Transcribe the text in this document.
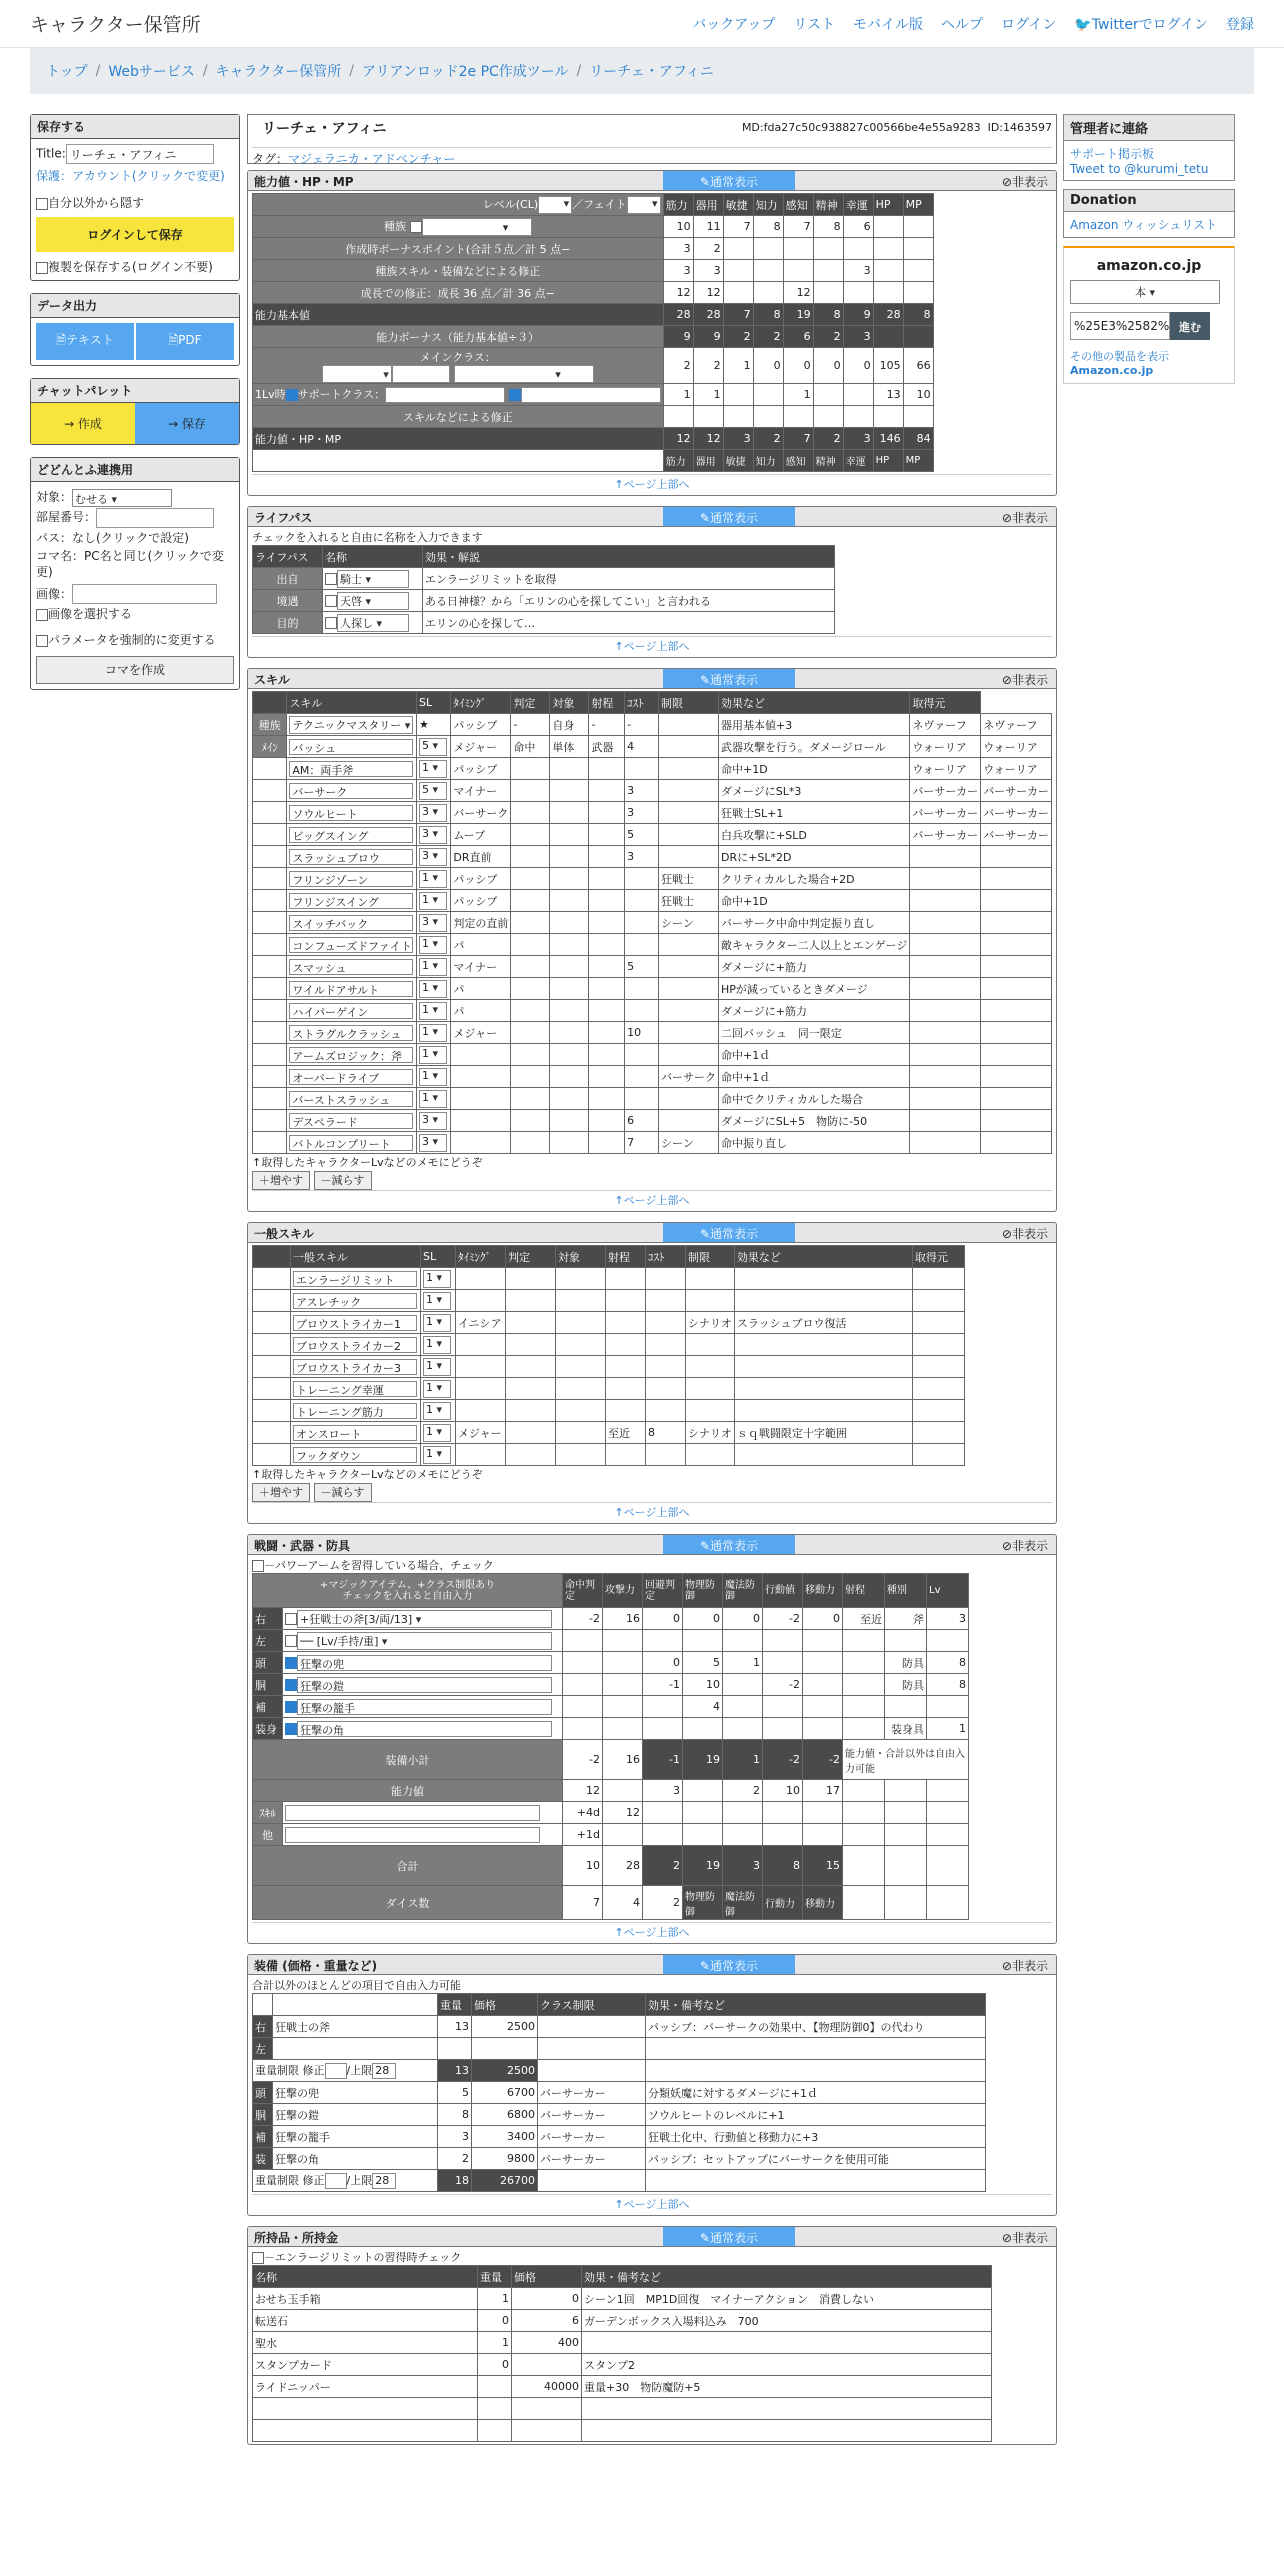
キャラクター保管所	バックアップ リスト モバイル版 ヘルプ ログイン 🐦Twitterでログイン 登録
トップ / Webサービス / キャラクター保管所 / アリアンロッド2e PC作成ツール / リーチェ・アフィニ
保存する
Title: リーチェ・アフィニ
保護：アカウント(クリックで変更)
自分以外から隠す
ログインして保存
複製を保存する(ログイン不要)
データ出力
🗎テキスト	🗎PDF
チャットパレット
→ 作成	→ 保存
どどんとふ連携用
対象： むせる ▾
部屋番号：
パス：なし(クリックで設定)
コマ名：PC名と同じ(クリックで変更)
画像：
画像を選択する
パラメータを強制的に変更する
コマを作成
リーチェ・アフィニ	MD:fda27c50c938827c00566be4e55a9283 ID:1463597
タグ：マジェラニカ・アドベンチャー
能力値・HP・MP	✎通常表示	⊘非表示
レベル(CL) 13 ▾ ／フェイト 5 ▾	筋力	器用	敏捷	知力	感知	精神	幸運	HP	MP
種族 ネヴァーフ ▾	10	11	7	8	7	8	6		
作成時ボーナスポイント(合計５点／計 5 点−	3	2							
種族スキル・装備などによる修正	3	3					3		
成長での修正：成長 36 点／計 36 点−	12	12			12				
能力基本値	28	28	7	8	19	8	9	28	8
能力ボーナス（能力基本値÷３）	9	9	2	2	6	2	3		
メインクラス：
ウォーリア ▾ 一転職: 10 ▾ ウォーロード ▾	2	2	1	0	0	0	0	105	66
1Lv時 サポートクラス： バーサーカー バーサーカー	1	1			1			13	10
スキルなどによる修正									
能力値・HP・MP	12	12	3	2	7	2	3	146	84
	筋力	器用	敏捷	知力	感知	精神	幸運	HP	MP
↑ページ上部へ
ライフパス	✎通常表示	⊘非表示
チェックを入れると自由に名称を入力できます
ライフパス	名称	効果・解説
出自	騎士 ▾	エンラージリミットを取得
境遇	天啓 ▾	ある日神様？から「エリンの心を探してこい」と言われる
目的	人探し ▾	エリンの心を探して…
↑ページ上部へ
スキル	✎通常表示	⊘非表示
	スキル	SL	ﾀｲﾐﾝｸﾞ	判定	対象	射程	ｺｽﾄ	制限	効果など	取得元	
種族	テクニックマスタリー ▾	★	パッシブ	-	自身	-	-		器用基本値+3	ネヴァーフ	ネヴァーフ
ﾒｲﾝ	バッシュ	5 ▾	メジャー	命中	単体	武器	4		武器攻撃を行う。ダメージロール	ウォーリア	ウォーリア
	AM：両手斧	1 ▾	パッシブ						命中+1D	ウォーリア	ウォーリア
	バーサーク	5 ▾	マイナー				3		ダメージにSL*3	バーサーカー	バーサーカー
	ソウルヒート	3 ▾	バーサーク				3		狂戦士SL+1	バーサーカー	バーサーカー
	ビッグスイング	3 ▾	ムーブ				5		白兵攻撃に+SLD	バーサーカー	バーサーカー
	スラッシュブロウ	3 ▾	DR直前				3		DRに+SL*2D		
	フリンジゾーン	1 ▾	パッシブ					狂戦士	クリティカルした場合+2D		
	フリンジスイング	1 ▾	パッシブ					狂戦士	命中+1D		
	スイッチバック	3 ▾	判定の直前					シーン	バーサーク中命中判定振り直し		
	コンフューズドファイト	1 ▾	パ						敵キャラクター二人以上とエンゲージ		
	スマッシュ	1 ▾	マイナー				5		ダメージに+筋力		
	ワイルドアサルト	1 ▾	パ						HPが減っているときダメージ		
	ハイパーゲイン	1 ▾	パ						ダメージに+筋力		
	ストラグルクラッシュ	1 ▾	メジャー				10		二回バッシュ　同一限定		
	アームズロジック：斧	1 ▾							命中+1ｄ		
	オーバードライブ	1 ▾						バーサーク	命中+1ｄ		
	バーストスラッシュ	1 ▾							命中でクリティカルした場合		
	デスペラード	3 ▾					6		ダメージにSL+5　物防に-50		
	バトルコンプリート	3 ▾					7	シーン	命中振り直し		
↑取得したキャラクターLvなどのメモにどうぞ
＋増やす －減らす
↑ページ上部へ
一般スキル	✎通常表示	⊘非表示
	一般スキル	SL	ﾀｲﾐﾝｸﾞ	判定	対象	射程	ｺｽﾄ	制限	効果など	取得元
	エンラージリミット	1 ▾								
	アスレチック	1 ▾								
	ブロウストライカー1	1 ▾	イニシア					シナリオ	スラッシュブロウ復活	
	ブロウストライカー2	1 ▾								
	ブロウストライカー3	1 ▾								
	トレーニング幸運	1 ▾								
	トレーニング筋力	1 ▾								
	オンスロート	1 ▾	メジャー			至近	8	シナリオ	ｓｑ戦闘限定十字範囲	
	フックダウン	1 ▾								
↑取得したキャラクターLvなどのメモにどうぞ
＋増やす －減らす
↑ページ上部へ
戦闘・武器・防具	✎通常表示	⊘非表示
－パワーアームを習得している場合、チェック
+マジックアイテム、+クラス制限あり
チェックを入れると自由入力		命中判定	攻撃力	回避判定	物理防御	魔法防御	行動値	移動力	射程	種別	Lv
右	+狂戦士の斧[3/両/13] ▾	-2	16	0	0	0	-2	0	至近	斧	3
左	── [Lv/手持/重] ▾										
頭	狂撃の兜			0	5	1				防具	8
胴	狂撃の鎧			-1	10		-2			防具	8
補	狂撃の籠手				4						
装身	狂撃の角									装身具	1
装備小計		-2	16	-1	19	1	-2	-2	能力値・合計以外は自由入力可能		
能力値		12		3		2	10	17			
ｽｷﾙ		+4d	12								
他		+1d									
合計		10	28	2	19	3	8	15			
ダイス数		7	4	2	物理防御	魔法防御	行動力	移動力			
↑ページ上部へ
装備 (価格・重量など)	✎通常表示	⊘非表示
合計以外のほとんどの項目で自由入力可能
		重量	価格	クラス制限	効果・備考など
右	狂戦士の斧	13	2500		パッシブ：バーサークの効果中、【物理防御0】の代わり
左					
重量制限 修正 /上限 28		13	2500		
頭	狂撃の兜	5	6700	バーサーカー	分類妖魔に対するダメージに+1ｄ
胴	狂撃の鎧	8	6800	バーサーカー	ソウルヒートのレベルに+1
補	狂撃の籠手	3	3400	バーサーカー	狂戦士化中、行動値と移動力に+3
装	狂撃の角	2	9800	バーサーカー	パッシブ：セットアップにバーサークを使用可能
重量制限 修正 /上限 28		18	26700		
↑ページ上部へ
所持品・所持金	✎通常表示	⊘非表示
－エンラージリミットの習得時チェック
名称	重量	価格	効果・備考など
おせち玉手箱	1	0	シーン1回　MP1D回復　マイナーアクション　消費しない
転送石	0	6	ガーデンボックス入場料込み　700
聖水	1	400	
スタンプカード	0		スタンプ2
ライドニッパー		40000	重量+30　物防魔防+5

管理者に連絡
サポート掲示板
Tweet to @kurumi_tetu
Donation
Amazon ウィッシュリスト
amazon.co.jp
本 ▾
%25E3%2582% 進む
その他の製品を表示
Amazon.co.jp
